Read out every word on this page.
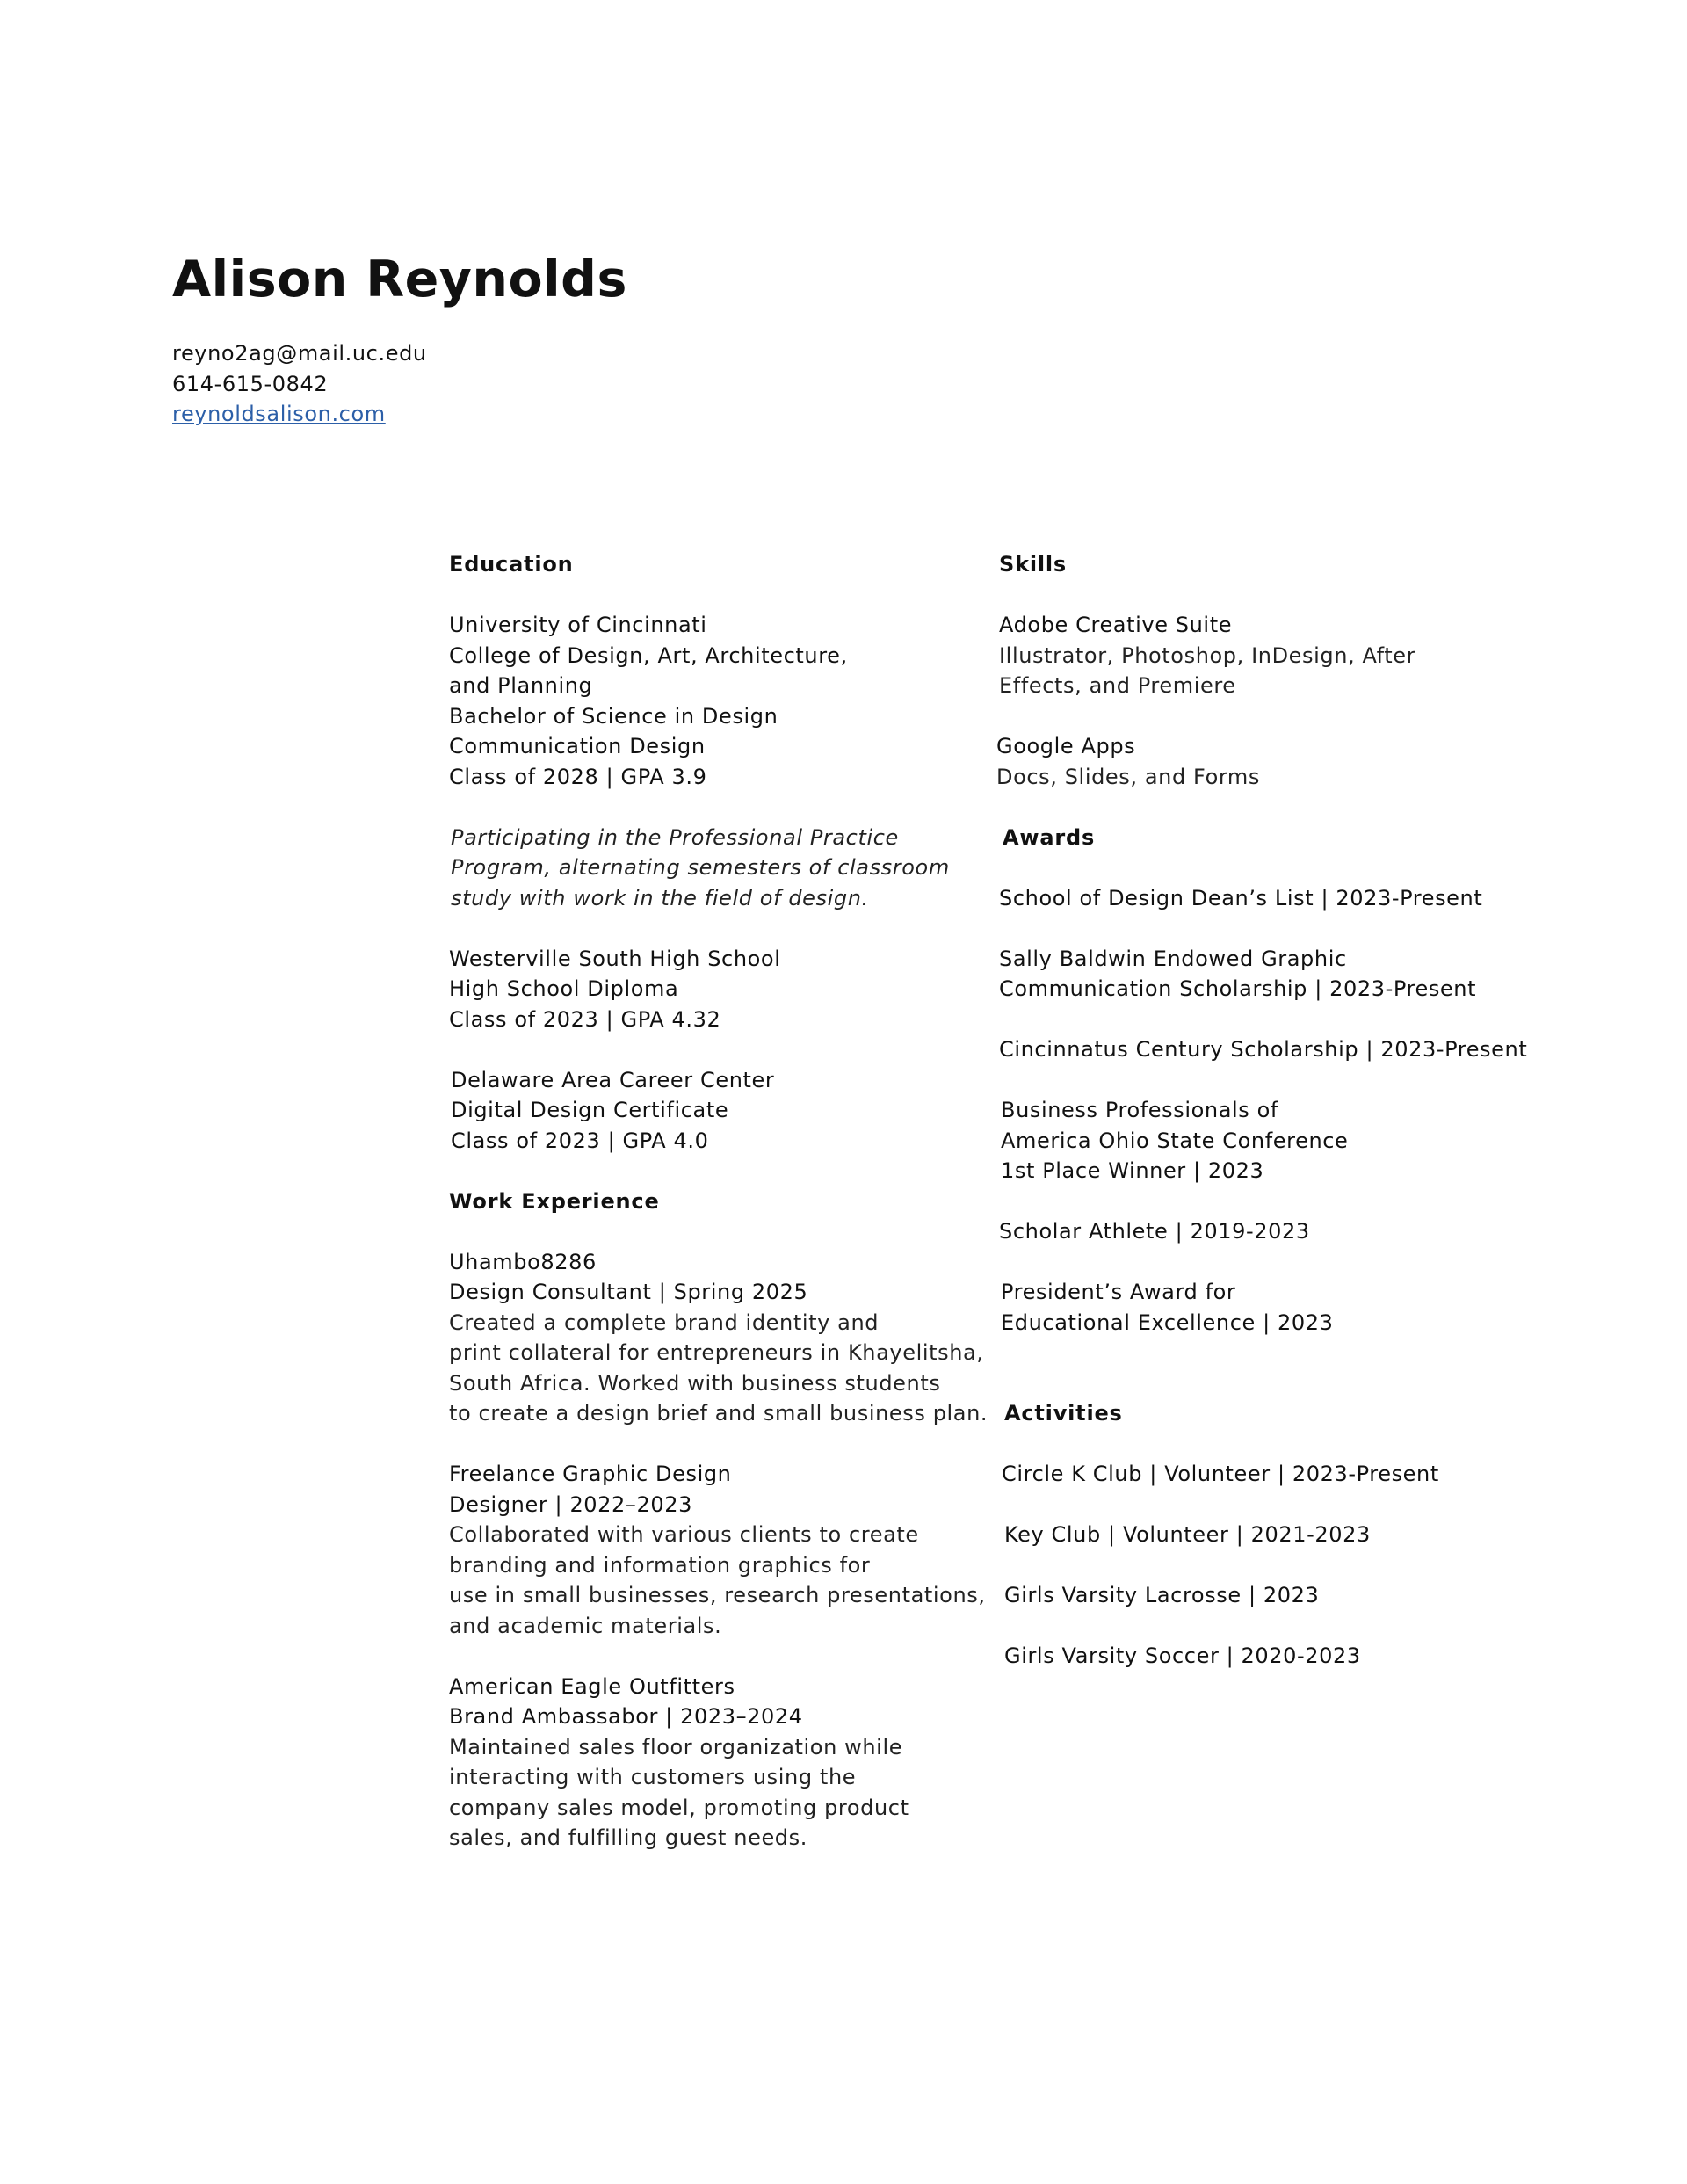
Alison Reynolds
reyno2ag@mail.uc.edu
614-615-0842
reynoldsalison.com
Education
University of Cincinnati
College of Design, Art, Architecture,
and Planning
Bachelor of Science in Design
Communication Design
Class of 2028 | GPA 3.9
Participating in the Professional Practice
Program, alternating semesters of classroom
study with work in the field of design.
Westerville South High School
High School Diploma
Class of 2023 | GPA 4.32
Delaware Area Career Center
Digital Design Certificate
Class of 2023 | GPA 4.0
Work Experience
Uhambo8286
Design Consultant | Spring 2025
Created a complete brand identity and
print collateral for entrepreneurs in Khayelitsha,
South Africa. Worked with business students
to create a design brief and small business plan.
Freelance Graphic Design
Designer | 2022–2023
Collaborated with various clients to create
branding and information graphics for
use in small businesses, research presentations,
and academic materials.
American Eagle Outfitters
Brand Ambassabor | 2023–2024
Maintained sales floor organization while
interacting with customers using the
company sales model, promoting product
sales, and fulfilling guest needs.
Skills
Adobe Creative Suite
Illustrator, Photoshop, InDesign, After
Effects, and Premiere
Google Apps
Docs, Slides, and Forms
Awards
School of Design Dean’s List | 2023-Present
Sally Baldwin Endowed Graphic
Communication Scholarship | 2023-Present
Cincinnatus Century Scholarship | 2023-Present
Business Professionals of
America Ohio State Conference
1st Place Winner | 2023
Scholar Athlete | 2019-2023
President’s Award for
Educational Excellence | 2023
Activities
Circle K Club | Volunteer | 2023-Present
Key Club | Volunteer | 2021-2023
Girls Varsity Lacrosse | 2023
Girls Varsity Soccer | 2020-2023
